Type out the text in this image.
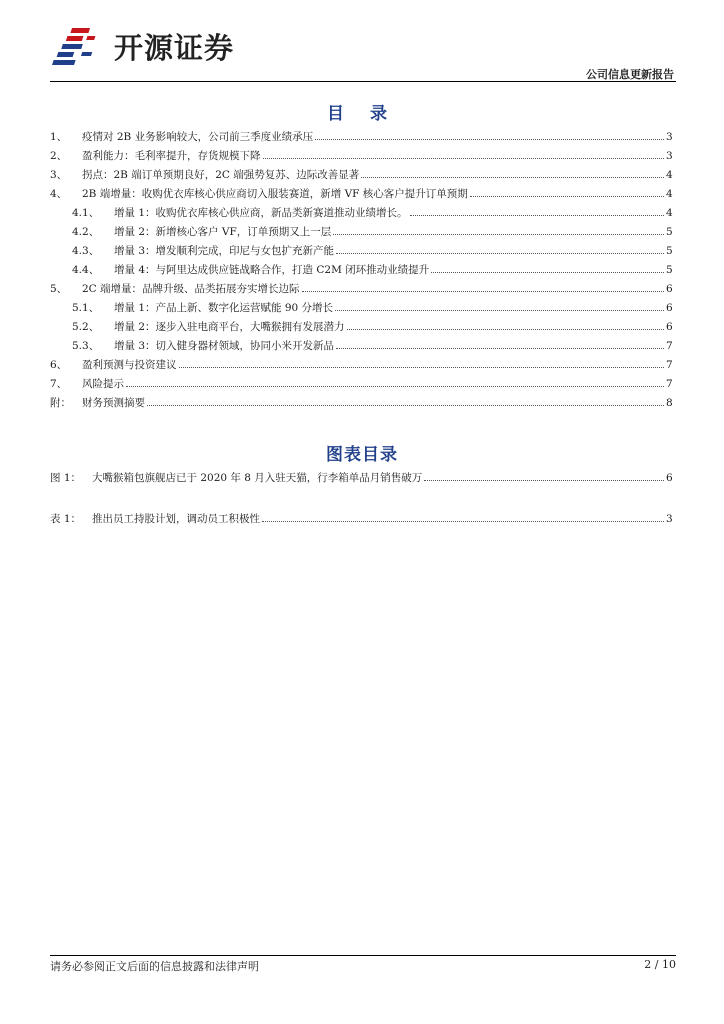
开源证券
公司信息更新报告
目 录
1、	疫情对 2B 业务影响较大，公司前三季度业绩承压	3
2、	盈利能力：毛利率提升，存货规模下降	3
3、	拐点：2B 端订单预期良好，2C 端强势复苏、边际改善显著	4
4、	2B 端增量：收购优衣库核心供应商切入服装赛道，新增 VF 核心客户提升订单预期	4
4.1、	增量 1：收购优衣库核心供应商，新品类新赛道推动业绩增长。	4
4.2、	增量 2：新增核心客户 VF，订单预期又上一层	5
4.3、	增量 3：增发顺利完成，印尼与女包扩充新产能	5
4.4、	增量 4：与阿里达成供应链战略合作，打造 C2M 闭环推动业绩提升	5
5、	2C 端增量：品牌升级、品类拓展夯实增长边际	6
5.1、	增量 1：产品上新、数字化运营赋能 90 分增长	6
5.2、	增量 2：逐步入驻电商平台，大嘴猴拥有发展潜力	6
5.3、	增量 3：切入健身器材领域，协同小米开发新品	7
6、	盈利预测与投资建议	7
7、	风险提示	7
附：	财务预测摘要	8
图表目录
图 1：	大嘴猴箱包旗舰店已于 2020 年 8 月入驻天猫，行李箱单品月销售破万	6
表 1：	推出员工持股计划，调动员工积极性	3
请务必参阅正文后面的信息披露和法律声明	2 / 10
